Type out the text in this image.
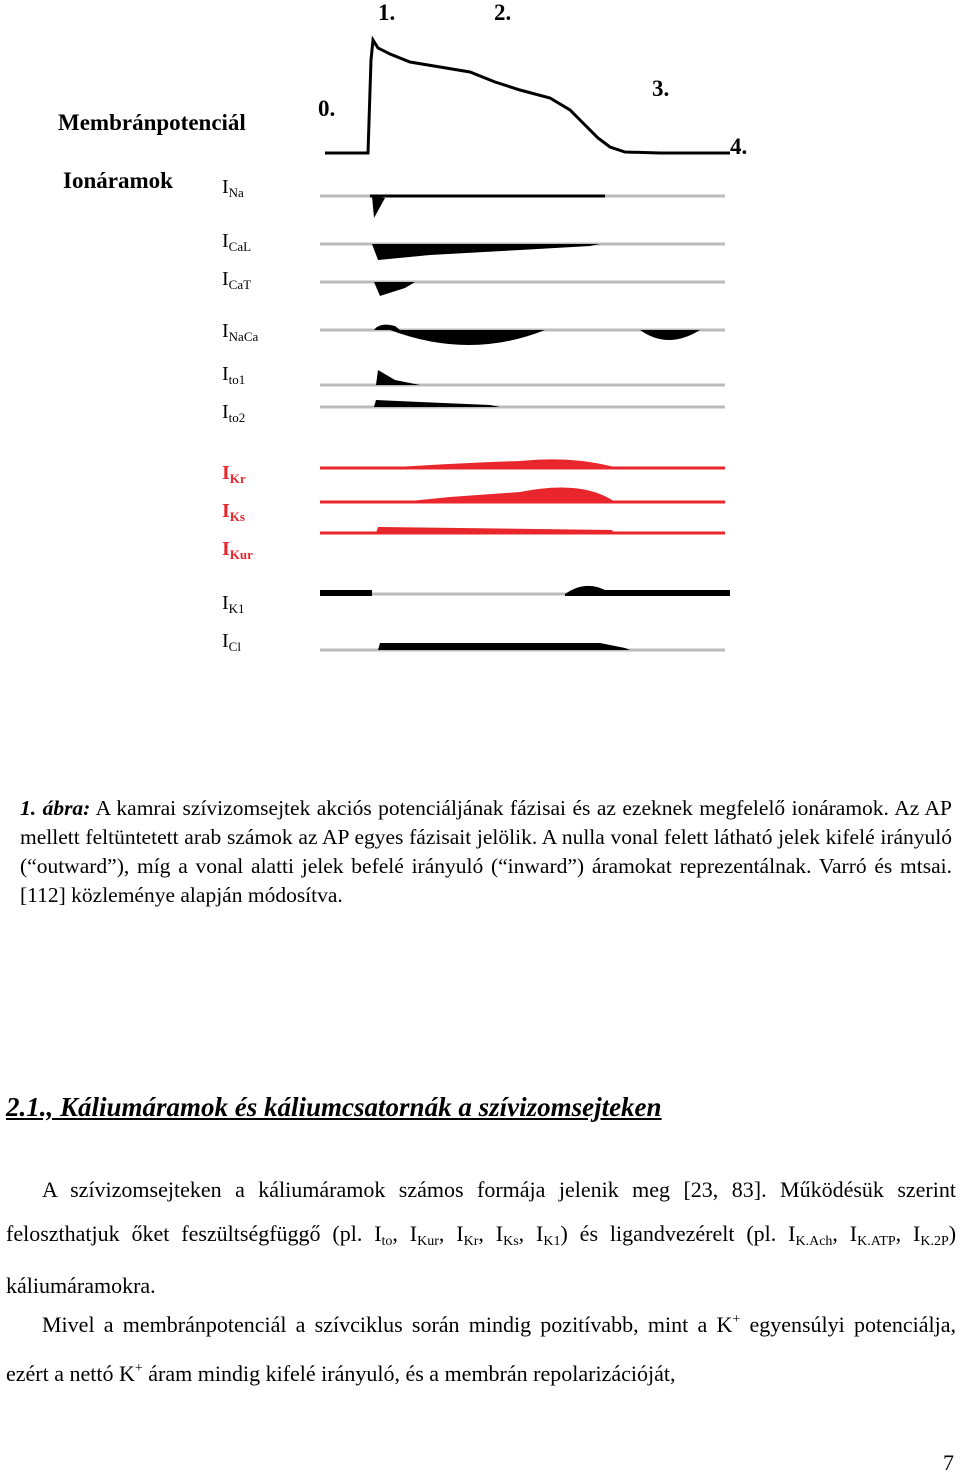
Membránpotenciál
Ionáramok
0.
1.	2.
3.
4.
$I_{Na}$
$I_{CaL}$
$I_{CaT}$
$I_{NaCa}$
$I_{to1}$
$I_{to2}$
$I_{Kr}$
$I_{Ks}$
$I_{Kur}$
$I_{K1}$
$I_{Cl}$
1. ábra: A kamrai szívizomsejtek akciós potenciáljának fázisai és az ezeknek megfelelő ionáramok. Az AP mellett feltüntetett arab számok az AP egyes fázisait jelölik. A nulla vonal felett látható jelek kifelé irányuló (“outward”), míg a vonal alatti jelek befelé irányuló (“inward”) áramokat reprezentálnak. Varró és mtsai. [112] közleménye alapján módosítva.
2.1., Káliumáramok és káliumcsatornák a szívizomsejteken
A szívizomsejteken a káliumáramok számos formája jelenik meg [23, 83]. Működésük szerint feloszthatjuk őket feszültségfüggő (pl. $I_{to}$, $I_{Kur}$, $I_{Kr}$, $I_{Ks}$, $I_{K1}$) és ligandvezérelt (pl. $I_{K.Ach}$, $I_{K.ATP}$, $I_{K.2P}$) káliumáramokra.
Mivel a membránpotenciál a szívciklus során mindig pozitívabb, mint a K+ egyensúlyi potenciálja, ezért a nettó K+ áram mindig kifelé irányuló, és a membrán repolarizációját,
7
